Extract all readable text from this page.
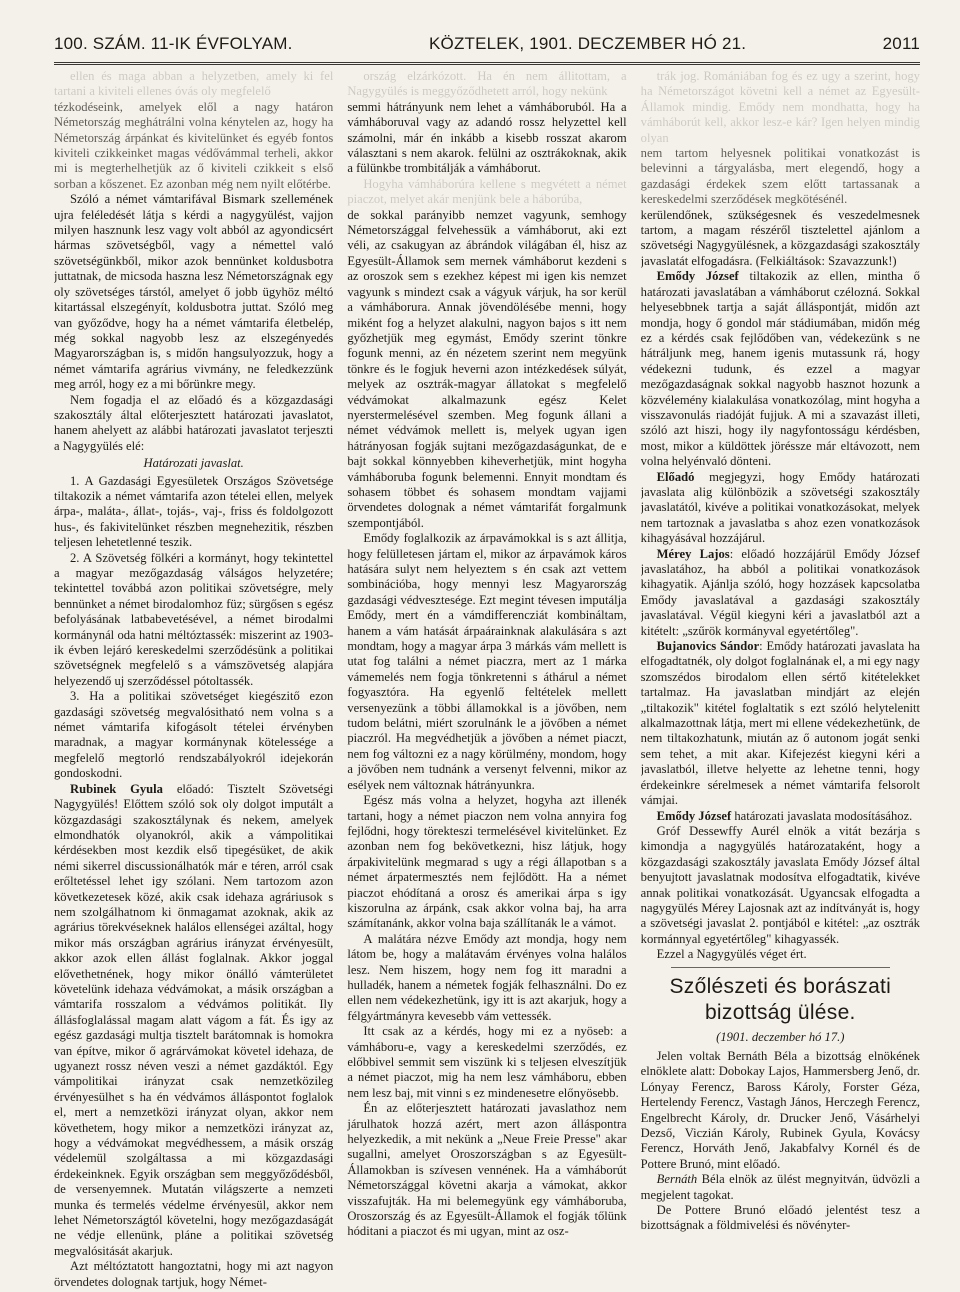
100. SZÁM. 11-IK ÉVFOLYAM.	KÖZTELEK, 1901. DECZEMBER HÓ 21.	2011

ellen és maga abban a helyzetben, amely ki fel tartani a kiviteli ellenes óvás oly megfelelő

tézkodéseink, amelyek elől a nagy határon Németország meghátrálni volna kénytelen az, hogy ha Németország árpánkat és kivitelünket és egyéb fontos kiviteli czikkeinket magas védővámmal terheli, akkor mi is megterhelhetjük az ő kiviteli czikkeit s első sorban a kőszenet. Ez azonban még nem nyilt előtérbe.

Szóló a német vámtarifával Bismark szellemének ujra feléledését látja s kérdi a nagygyülést, vajjon milyen hasznunk lesz vagy volt abból az agyondicsért hármas szövetségből, vagy a némettel való szövetségünkből, mikor azok bennünket koldusbotra juttatnak, de micsoda haszna lesz Németországnak egy oly szövetséges társtól, amelyet ő jobb ügyhöz méltó kitartással elszegényít, koldusbotra juttat. Szóló meg van győződve, hogy ha a német vámtarifa életbelép, még sokkal nagyobb lesz az elszegényedés Magyarországban is, s midőn hangsulyozzuk, hogy a német vámtarifa agrárius vivmány, ne feledkezzünk meg arról, hogy ez a mi bőrünkre megy.

Nem fogadja el az előadó és a közgazdasági szakosztály által előterjesztett határozati javaslatot, hanem ahelyett az alábbi határozati javaslatot terjeszti a Nagygyülés elé:

Határozati javaslat.

1. A Gazdasági Egyesületek Országos Szövetsége tiltakozik a német vámtarifa azon tételei ellen, melyek árpa-, maláta-, állat-, tojás-, vaj-, friss és foldolgozott hus-, és fakivitelünket részben megnehezitik, részben teljesen lehetetlenné teszik.

2. A Szövetség fölkéri a kormányt, hogy tekintettel a magyar mezőgazdaság válságos helyzetére; tekintettel továbbá azon politikai szövetségre, mely bennünket a német birodalomhoz füz; sürgősen s egész befolyásának latbabevetésével, a német birodalmi kormánynál oda hatni méltóztassék: miszerint az 1903-ik évben lejáró kereskedelmi szerződésünk a politikai szövetségnek megfelelő s a vámszövetség alapjára helyezendő uj szerződéssel pótoltassék.

3. Ha a politikai szövetséget kiegészitő ezon gazdasági szövetség megvalósitható nem volna s a német vámtarifa kifogásolt tételei érvényben maradnak, a magyar kormánynak kötelessége a megfelelő megtorló rendszabályokról idejekorán gondoskodni.

Rubinek Gyula előadó: Tisztelt Szövetségi Nagygyülés! Előttem szóló sok oly dolgot imputált a közgazdasági szakosztálynak és nekem, amelyek elmondhatók olyanokról, akik a vámpolitikai kérdésekben most kezdik első tipegésüket, de akik némi sikerrel discussionálhatók már e téren, arról csak erőltetéssel lehet igy szólani. Nem tartozom azon következetesek közé, akik csak idehaza agráriusok s nem szolgálhatnom ki önmagamat azoknak, akik az agrárius törekvéseknek halálos ellenségei azáltal, hogy mikor más országban agrárius irányzat érvényesült, akkor azok ellen állást foglalnak. Akkor joggal elővethetnének, hogy mikor önálló vámterületet követelünk idehaza védvámokat, a másik országban a vámtarifa rosszalom a védvámos politikát. Ily állásfoglalással magam alatt vágom a fát. És igy az egész gazdasági multja tisztelt barátomnak is homokra van építve, mikor ő agrárvámokat követel idehaza, de ugyanezt rossz néven veszi a német gazdáktól. Egy vámpolitikai irányzat csak nemzetközileg érvényesülhet s ha én védvámos álláspontot foglalok el, mert a nemzetközi irányzat olyan, akkor nem követhetem, hogy mikor a nemzetközi irányzat az, hogy a védvámokat megvédhessem, a másik ország védelemül szolgáltassa a mi közgazdasági érdekeinknek. Egyik országban sem meggyőződésből, de versenyemnek. Mutatán világszerte a nemzeti munka és termelés védelme érvényesül, akkor nem lehet Németországtól követelni, hogy mezőgazdaságát ne védje ellenünk, pláne a politikai szövetség megvalósitását akarjuk.

Azt méltóztatott hangoztatni, hogy mi azt nagyon örvendetes dolognak tartjuk, hogy Német-

ország elzárkózott. Ha én nem állitottam, a Nagygyülés is meggyőződhetett arról, hogy nekünk

semmi hátrányunk nem lehet a vámháboruból. Ha a vámháboruval vagy az adandó rossz helyzettel kell számolni, már én inkább a kisebb rosszat akarom választani s nem akarok. felülni az osztrákoknak, akik a fülünkbe trombitálják a vámháborut.

Hogyha vámháborúra kellene s megvétett a német piaczot, melyet akár menjünk bele a háborúba,

de sokkal parányibb nemzet vagyunk, semhogy Németországgal felvehessük a vámháborut, aki ezt véli, az csakugyan az ábrándok világában él, hisz az Egyesült-Államok sem mernek vámháborut kezdeni s az oroszok sem s ezekhez képest mi igen kis nemzet vagyunk s mindezt csak a vágyuk várjuk, ha sor kerül a vámháborura. Annak jövendölésébe menni, hogy miként fog a helyzet alakulni, nagyon bajos s itt nem győzhetjük meg egymást, Emődy szerint tönkre fogunk menni, az én nézetem szerint nem megyünk tönkre és le fogjuk heverni azon intézkedések súlyát, melyek az osztrák-magyar állatokat s megfelelő védvámokat alkalmazunk egész Kelet nyerstermelésével szemben. Meg fogunk állani a német védvámok mellett is, melyek ugyan igen hátrányosan fogják sujtani mezőgazdaságunkat, de e bajt sokkal könnyebben kiheverhetjük, mint hogyha vámháboruba fogunk belemenni. Ennyit mondtam és sohasem többet és sohasem mondtam vajjami örvendetes dolognak a német vámtarifát forgalmunk szempontjából.

Emődy foglalkozik az árpavámokkal is s azt állitja, hogy felülletesen jártam el, mikor az árpavámok káros hatására sulyt nem helyeztem s én csak azt vettem sombinációba, hogy mennyi lesz Magyarország gazdasági védvesztesége. Ezt megint tévesen imputálja Emődy, mert én a vámdifferencziát kombináltam, hanem a vám hatását árpaárainknak alakulására s azt mondtam, hogy a magyar árpa 3 márkás vám mellett is utat fog találni a német piaczra, mert az 1 márka vámemelés nem fogja tönkretenni s áthárul a német fogyasztóra. Ha egyenlő feltételek mellett versenyezünk a többi államokkal is a jövőben, nem tudom belátni, miért szorulnánk le a jövőben a német piaczról. Ha megvédhetjük a jövőben a német piaczt, nem fog változni ez a nagy körülmény, mondom, hogy a jövőben nem tudnánk a versenyt felvenni, mikor az esélyek nem változnak hátrányunkra.

Egész más volna a helyzet, hogyha azt illenék tartani, hogy a német piaczon nem volna annyira fog fejlődni, hogy törekteszi termelésével kivitelünket. Ez azonban nem fog bekövetkezni, hisz látjuk, hogy árpakivitelünk megmarad s ugy a régi állapotban s a német árpatermesztés nem fejlődött. Ha a német piaczot ehódítaná a orosz és amerikai árpa s igy kiszorulna az árpánk, csak akkor volna baj, ha arra számítanánk, akkor volna baja szállítanák le a vámot.

A malátára nézve Emődy azt mondja, hogy nem látom be, hogy a malátavám érvényes volna halálos lesz. Nem hiszem, hogy nem fog itt maradni a hulladék, hanem a németek fogják felhasználni. Do ez ellen nem védekezhetünk, igy itt is azt akarjuk, hogy a félgyártmányra kevesebb vám vettessék.

Itt csak az a kérdés, hogy mi ez a nyöseb: a vámháboru-e, vagy a kereskedelmi szerződés, ez előbbivel semmit sem viszünk ki s teljesen elveszítjük a német piaczot, mig ha nem lesz vámháboru, ebben nem lesz baj, mit vinni s ez mindenesetre előnyösebb.

Én az előterjesztett határozati javaslathoz nem járulhatok hozzá azért, mert azon álláspontra helyezkedik, a mit nekünk a „Neue Freie Presse" akar sugallni, amelyet Oroszországban s az Egyesült-Államokban is szívesen vennének. Ha a vámháborút Németországgal követni akarja a vámokat, akkor visszafujták. Ha mi belemegyünk egy vámháboruba, Oroszország és az Egyesült-Államok el fogják tőlünk hóditani a piaczot és mi ugyan, mint az osz-

trák jog. Romániában fog és ez ugy a szerint, hogy ha Németországot követni kell a német az Egyesült-Államok mindig. Emődy nem mondhatta, hogy ha vámháborút kell, akkor lesz-e kár? Igen helyen mindig olyan

nem tartom helyesnek politikai vonatkozást is belevinni a tárgyalásba, mert elegendő, hogy a gazdasági érdekek szem előtt tartassanak a kereskedelmi szerződések megkötésénél.

kerülendőnek, szükségesnek és veszedelmesnek tartom, a magam részéről tisztelettel ajánlom a szövetségi Nagygyülésnek, a közgazdasági szakosztály javaslatát elfogadásra. (Felkiáltások: Szavazzunk!)

Emődy József tiltakozik az ellen, mintha ő határozati javaslatában a vámháborut czélozná. Sokkal helyesebbnek tartja a saját álláspontját, midőn azt mondja, hogy ő gondol már stádiumában, midőn még ez a kérdés csak fejlődőben van, védekezünk s ne hátráljunk meg, hanem igenis mutassunk rá, hogy védekezni tudunk, és ezzel a magyar mezőgazdaságnak sokkal nagyobb hasznot hozunk a közvélemény kialakulása vonatkozólag, mint hogyha a visszavonulás riadóját fujjuk. A mi a szavazást illeti, szóló azt hiszi, hogy ily nagyfontosságu kérdésben, most, mikor a küldöttek jöréssze már eltávozott, nem volna helyénvaló dönteni.

Előadó megjegyzi, hogy Emődy határozati javaslata alig különbözik a szövetségi szakosztály javaslatától, kivéve a politikai vonatkozásokat, melyek nem tartoznak a javaslatba s ahoz ezen vonatkozások kihagyásával hozzájárul.

Mérey Lajos: előadó hozzájárül Emődy József javaslatához, ha abból a politikai vonatkozások kihagyatik. Ajánlja szóló, hogy hozzásek kapcsolatba Emődy javaslatával a gazdasági szakosztály javaslatával. Végül kiegyni kéri a javaslatból azt a kitételt: „szűrök kormányval egyetértőleg".

Bujanovics Sándor: Emődy határozati javaslata ha elfogadtatnék, oly dolgot foglalnának el, a mi egy nagy szomszédos birodalom ellen sértő kitételekket tartalmaz. Ha javaslatban mindjárt az elején „tiltakozik" kitétel foglaltatik s ezt szóló helytelenitt alkalmazottnak látja, mert mi ellene védekezhetünk, de nem tiltakozhatunk, miután az ő autonom jogát senki sem tehet, a mit akar. Kifejezést kiegyni kéri a javaslatból, illetve helyette az lehetne tenni, hogy érdekeinkre sérelmesek a német vámtarifa felsorolt vámjai.

Emődy József határozati javaslata modosításához.

Gróf Dessewffy Aurél elnök a vitát bezárja s kimondja a nagygyülés határozataként, hogy a közgazdasági szakosztály javaslata Emődy József által benyujtott javaslatnak modosítva elfogadtatik, kivéve annak politikai vonatkozását. Ugyancsak elfogadta a nagygyülés Mérey Lajosnak azt az indítványát is, hogy a szövetségi javaslat 2. pontjából e kitétel: „az osztrák kormánnyal egyetértőleg" kihagyassék.

Ezzel a Nagygyülés véget ért.

Szőlészeti és borászati bizottság ülése.
(1901. deczember hó 17.)

Jelen voltak Bernáth Béla a bizottság elnökének elnöklete alatt: Dobokay Lajos, Hammersberg Jenő, dr. Lónyay Ferencz, Baross Károly, Forster Géza, Hertelendy Ferencz, Vastagh János, Herczegh Ferencz, Engelbrecht Károly, dr. Drucker Jenő, Vásárhelyi Dezső, Viczián Károly, Rubinek Gyula, Kovácsy Ferencz, Horváth Jenő, Jakabfalvy Kornél és de Pottere Brunó, mint előadó.

Bernáth Béla elnök az ülést megnyitván, üdvözli a megjelent tagokat.

De Pottere Brunó előadó jelentést tesz a bizottságnak a földmivelési és növényter-
